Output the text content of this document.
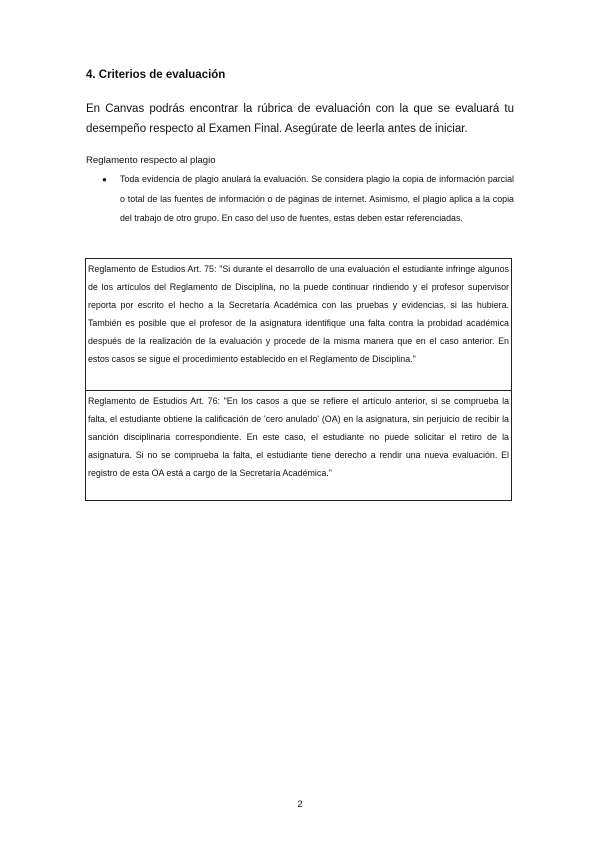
4. Criterios de evaluación

En Canvas podrás encontrar la rúbrica de evaluación con la que se evaluará tu desempeño respecto al Examen Final. Asegúrate de leerla antes de iniciar.

Reglamento respecto al plagio

● Toda evidencia de plagio anulará la evaluación. Se considera plagio la copia de información parcial o total de las fuentes de información o de páginas de internet. Asimismo, el plagio aplica a la copia del trabajo de otro grupo. En caso del uso de fuentes, estas deben estar referenciadas.
Reglamento de Estudios Art. 75: "Si durante el desarrollo de una evaluación el estudiante infringe algunos de los artículos del Reglamento de Disciplina, no la puede continuar rindiendo y el profesor supervisor reporta por escrito el hecho a la Secretaría Académica con las pruebas y evidencias, si las hubiera. También es posible que el profesor de la asignatura identifique una falta contra la probidad académica después de la realización de la evaluación y procede de la misma manera que en el caso anterior. En estos casos se sigue el procedimiento establecido en el Reglamento de Disciplina."
Reglamento de Estudios Art. 76: "En los casos a que se refiere el artículo anterior, si se comprueba la falta, el estudiante obtiene la calificación de 'cero anulado' (OA) en la asignatura, sin perjuicio de recibir la sanción disciplinaria correspondiente. En este caso, el estudiante no puede solicitar el retiro de la asignatura. Si no se comprueba la falta, el estudiante tiene derecho a rendir una nueva evaluación. El registro de esta OA está a cargo de la Secretaría Académica."
2
